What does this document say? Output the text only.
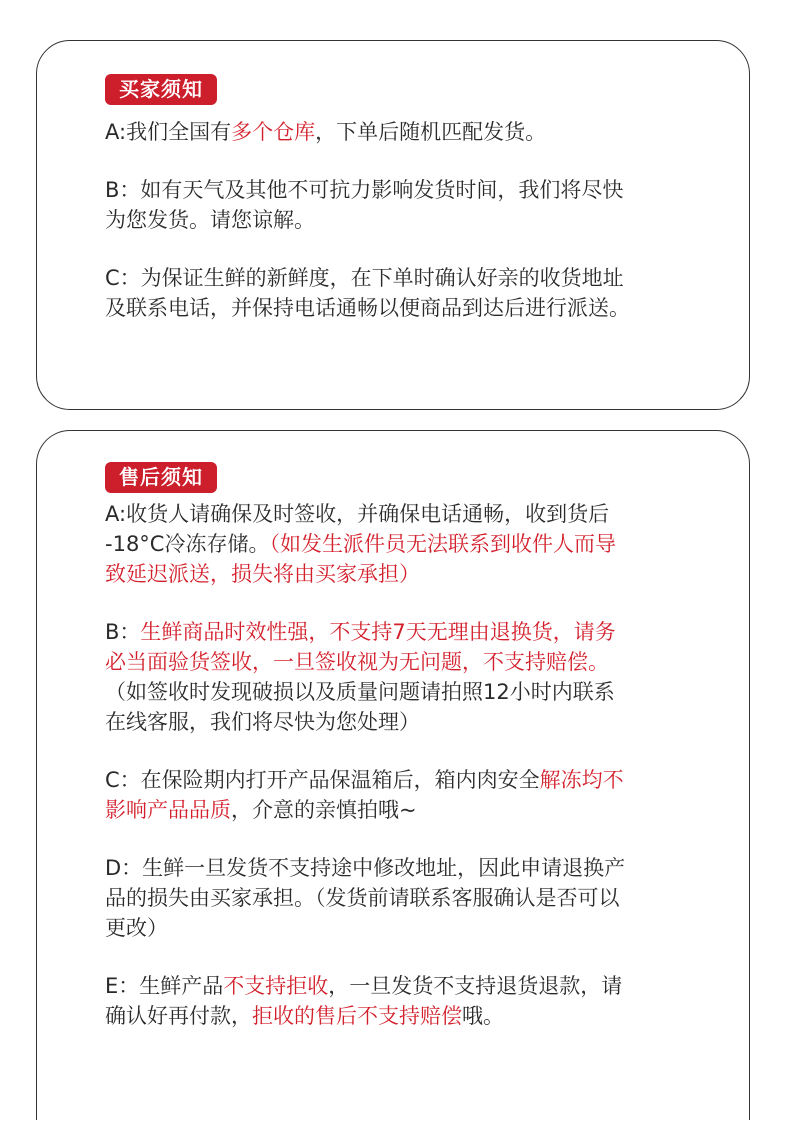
买家须知
A:我们全国有多个仓库，下单后随机匹配发货。
B：如有天气及其他不可抗力影响发货时间，我们将尽快
为您发货。请您谅解。
C：为保证生鲜的新鲜度，在下单时确认好亲的收货地址
及联系电话，并保持电话通畅以便商品到达后进行派送。
售后须知
A:收货人请确保及时签收，并确保电话通畅，收到货后
-18°C冷冻存储。（如发生派件员无法联系到收件人而导
致延迟派送，损失将由买家承担）
B：生鲜商品时效性强，不支持7天无理由退换货，请务
必当面验货签收，一旦签收视为无问题，不支持赔偿。
（如签收时发现破损以及质量问题请拍照12小时内联系
在线客服，我们将尽快为您处理）
C：在保险期内打开产品保温箱后，箱内肉安全解冻均不
影响产品品质，介意的亲慎拍哦~
D：生鲜一旦发货不支持途中修改地址，因此申请退换产
品的损失由买家承担。（发货前请联系客服确认是否可以
更改）
E：生鲜产品不支持拒收，一旦发货不支持退货退款，请
确认好再付款，拒收的售后不支持赔偿哦。
